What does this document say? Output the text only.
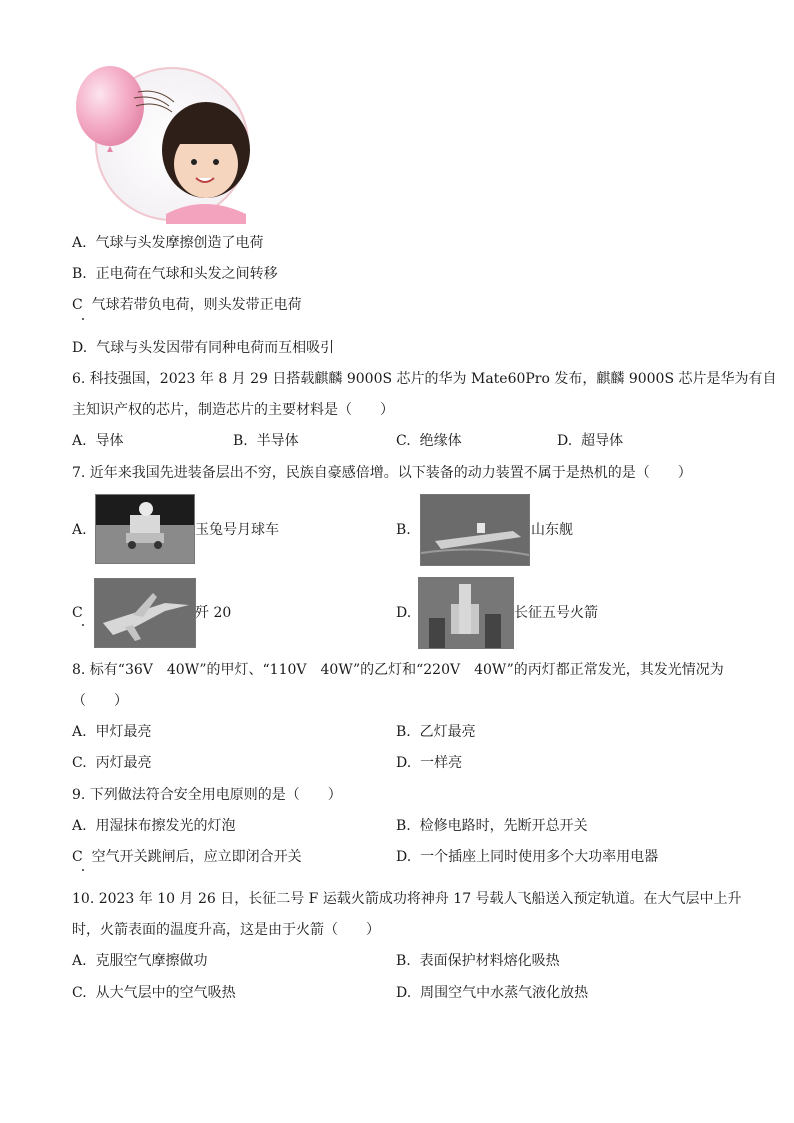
A. 气球与头发摩擦创造了电荷
B. 正电荷在气球和头发之间转移
C 气球若带负电荷，则头发带正电荷
D. 气球与头发因带有同种电荷而互相吸引
6. 科技强国，2023 年 8 月 29 日搭载麒麟 9000S 芯片的华为 Mate60Pro 发布，麒麟 9000S 芯片是华为有自
主知识产权的芯片，制造芯片的主要材料是（　　）
A. 导体	B. 半导体	C. 绝缘体	D. 超导体
7. 近年来我国先进装备层出不穷，民族自豪感倍增。以下装备的动力装置不属于是热机的是（　　）
A.	玉兔号月球车	B.	山东舰
C	歼 20	D.	长征五号火箭
8. 标有“36V　40W”的甲灯、“110V　40W”的乙灯和“220V　40W”的丙灯都正常发光，其发光情况为
（　　）
A. 甲灯最亮	B. 乙灯最亮
C. 丙灯最亮	D. 一样亮
9. 下列做法符合安全用电原则的是（　　）
A. 用湿抹布擦发光的灯泡	B. 检修电路时，先断开总开关
C 空气开关跳闸后，应立即闭合开关	D. 一个插座上同时使用多个大功率用电器
10. 2023 年 10 月 26 日，长征二号 F 运载火箭成功将神舟 17 号载人飞船送入预定轨道。在大气层中上升
时，火箭表面的温度升高，这是由于火箭（　　）
A. 克服空气摩擦做功	B. 表面保护材料熔化吸热
C. 从大气层中的空气吸热	D. 周围空气中水蒸气液化放热
